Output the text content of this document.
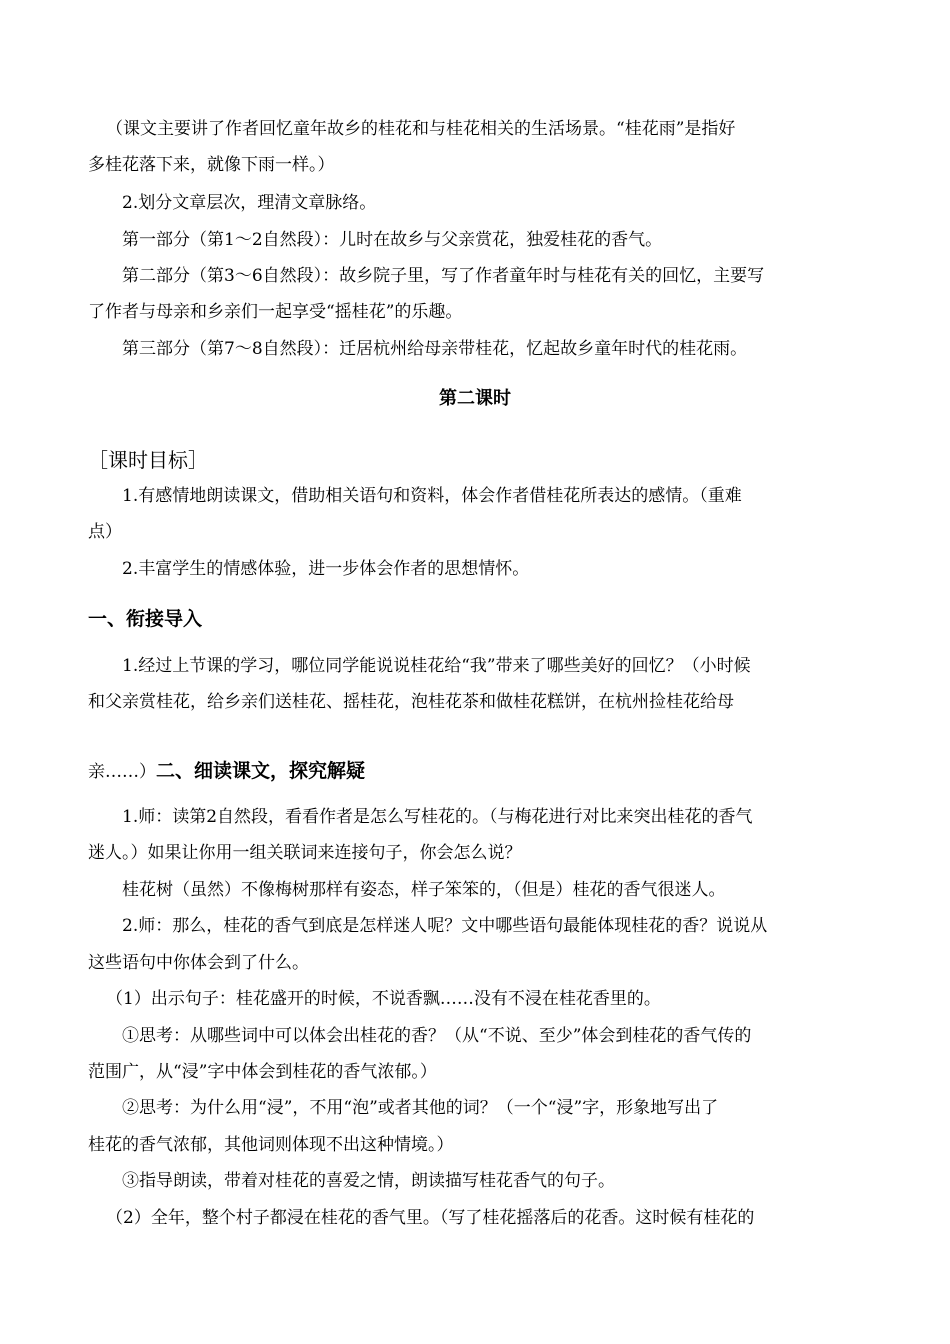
（课文主要讲了作者回忆童年故乡的桂花和与桂花相关的生活场景。“桂花雨”是指好
多桂花落下来，就像下雨一样。）
2.划分文章层次，理清文章脉络。
第一部分（第1～2自然段）：儿时在故乡与父亲赏花，独爱桂花的香气。
第二部分（第3～6自然段）：故乡院子里，写了作者童年时与桂花有关的回忆，主要写
了作者与母亲和乡亲们一起享受“摇桂花”的乐趣。
第三部分（第7～8自然段）：迁居杭州给母亲带桂花，忆起故乡童年时代的桂花雨。
第二课时
［课时目标］
1.有感情地朗读课文，借助相关语句和资料，体会作者借桂花所表达的感情。（重难
点）
2.丰富学生的情感体验，进一步体会作者的思想情怀。
一、衔接导入
1.经过上节课的学习，哪位同学能说说桂花给“我”带来了哪些美好的回忆？（小时候
和父亲赏桂花，给乡亲们送桂花、摇桂花，泡桂花茶和做桂花糕饼，在杭州捡桂花给母
亲……）二、细读课文，探究解疑
1.师：读第2自然段，看看作者是怎么写桂花的。（与梅花进行对比来突出桂花的香气
迷人。）如果让你用一组关联词来连接句子，你会怎么说？
桂花树（虽然）不像梅树那样有姿态，样子笨笨的，（但是）桂花的香气很迷人。
2.师：那么，桂花的香气到底是怎样迷人呢？文中哪些语句最能体现桂花的香？说说从
这些语句中你体会到了什么。
（1）出示句子：桂花盛开的时候，不说香飘……没有不浸在桂花香里的。
①思考：从哪些词中可以体会出桂花的香？（从“不说、至少”体会到桂花的香气传的
范围广，从“浸”字中体会到桂花的香气浓郁。）
②思考：为什么用“浸”，不用“泡”或者其他的词？（一个“浸”字，形象地写出了
桂花的香气浓郁，其他词则体现不出这种情境。）
③指导朗读，带着对桂花的喜爱之情，朗读描写桂花香气的句子。
（2）全年，整个村子都浸在桂花的香气里。（写了桂花摇落后的花香。这时候有桂花的
